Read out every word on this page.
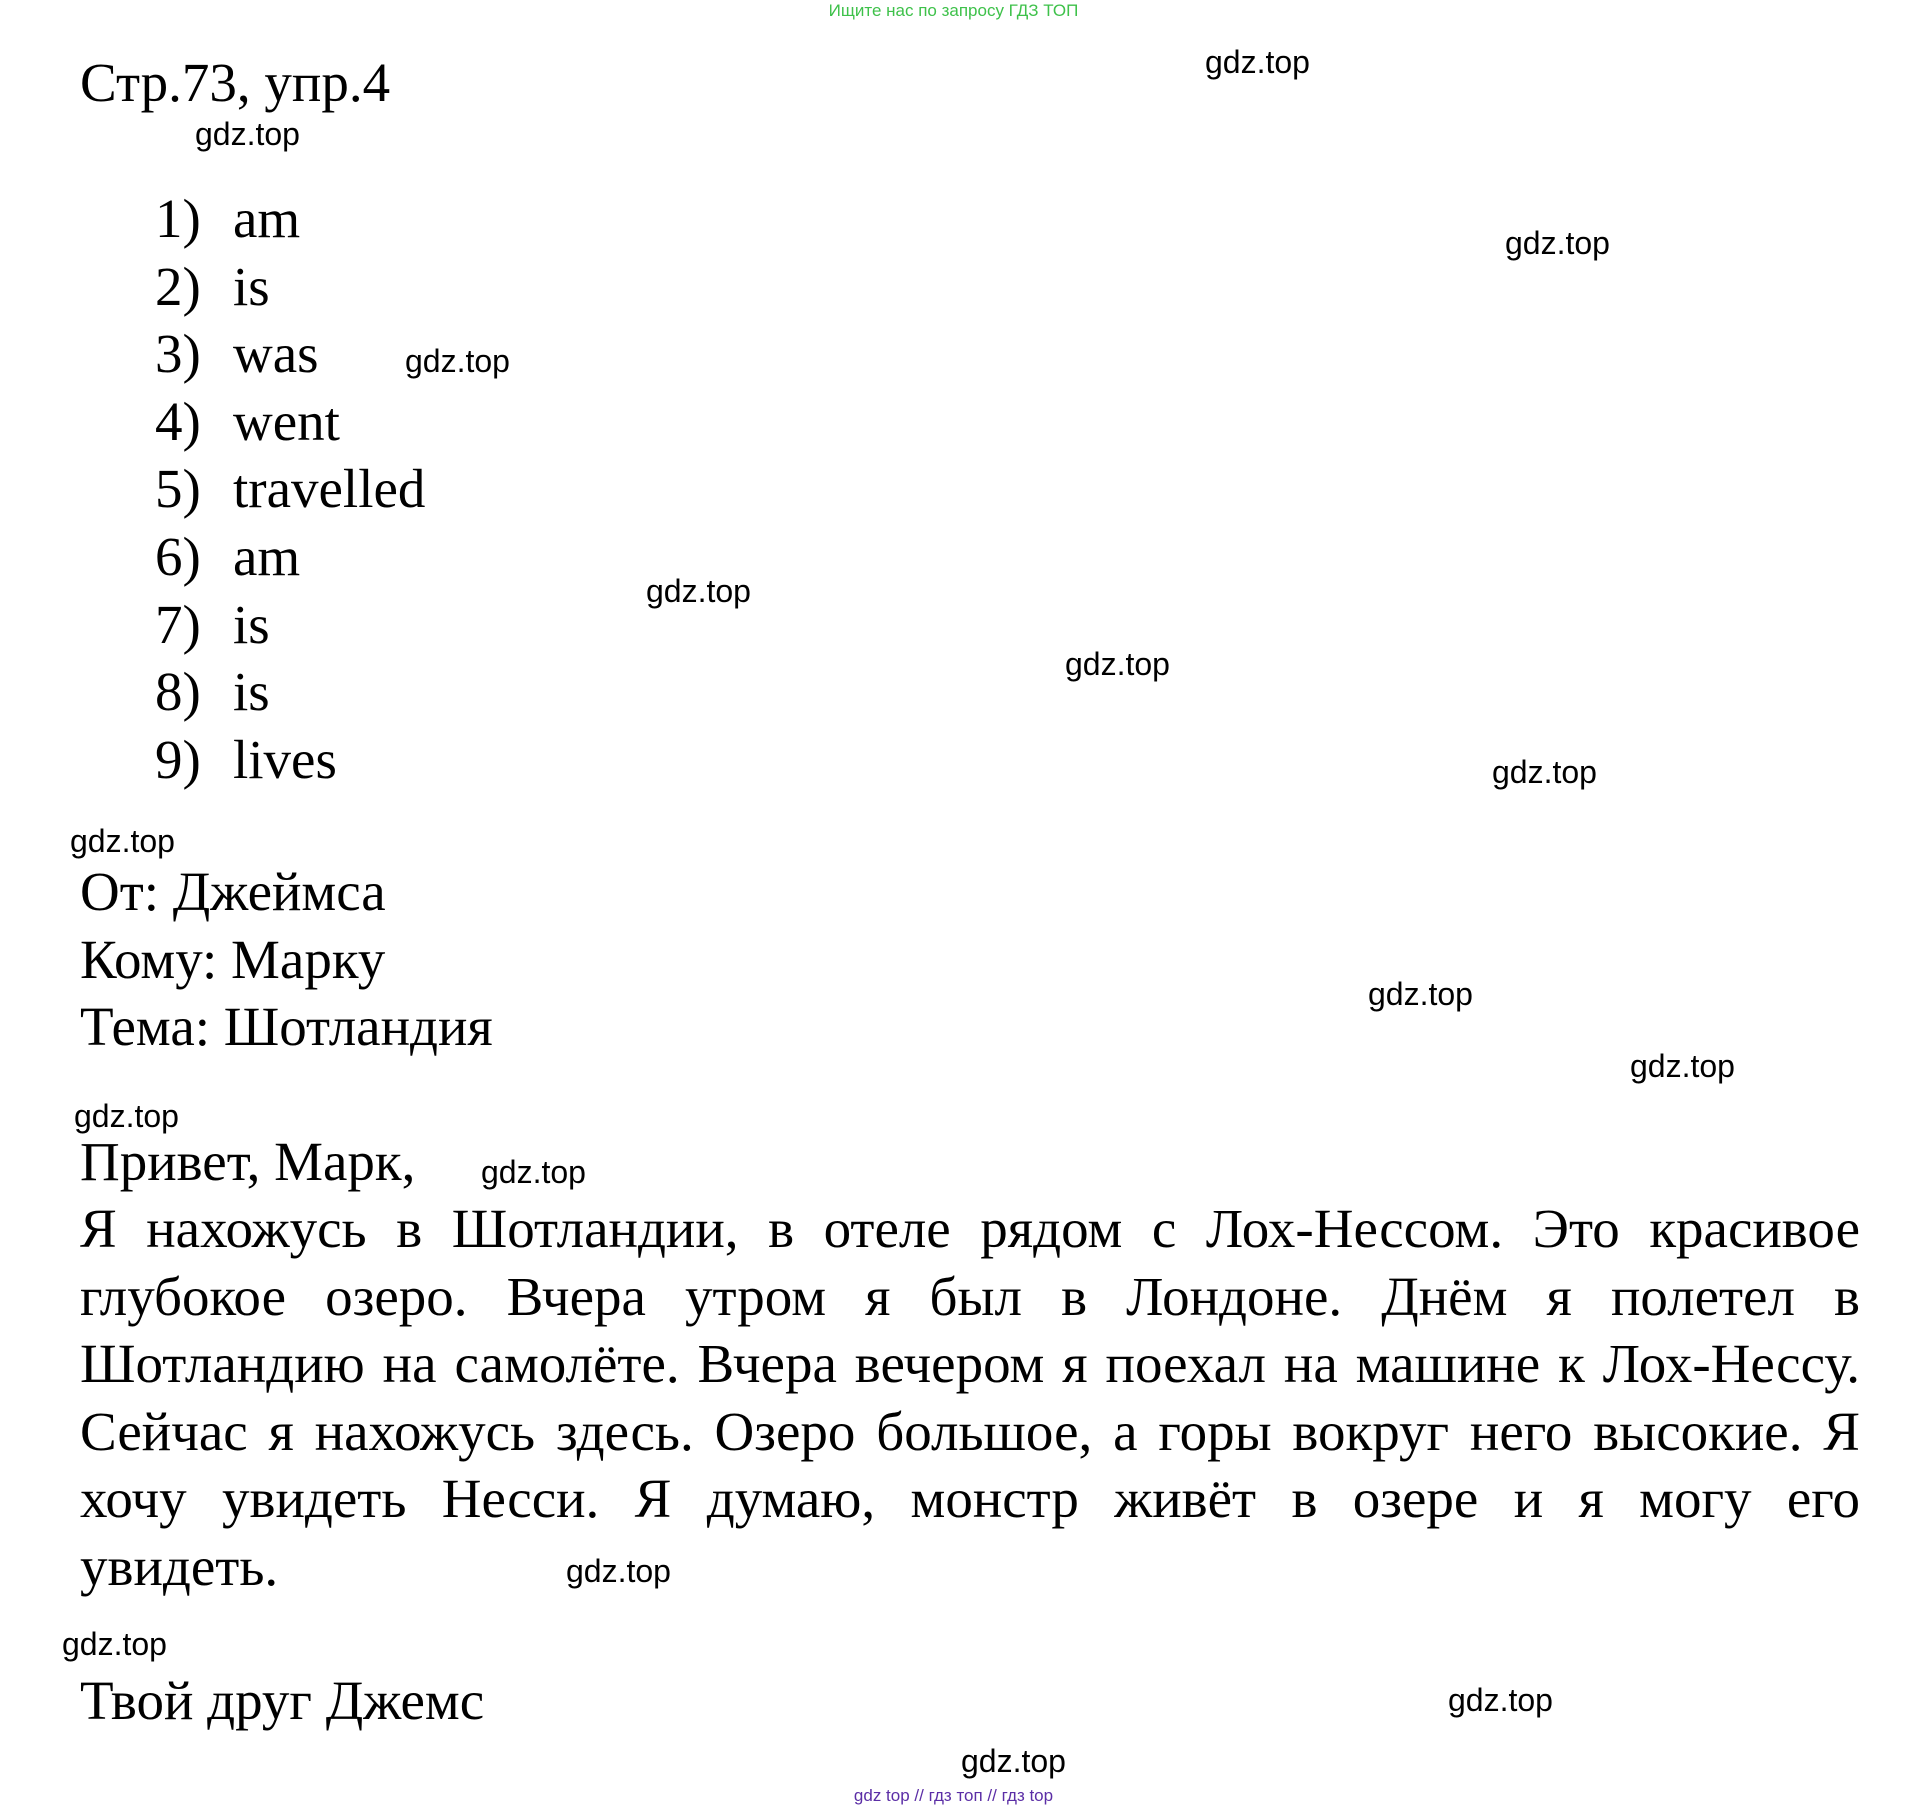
Ищите нас по запросу ГДЗ ТОП
Стр.73, упр.4
1) am
2) is
3) was
4) went
5) travelled
6) am
7) is
8) is
9) lives
От: Джеймса
Кому: Марку
Тема: Шотландия
Привет, Марк,

Я нахожусь в Шотландии, в отеле рядом с Лох-Нессом. Это красивое глубокое озеро. Вчера утром я был в Лондоне. Днём я полетел в Шотландию на самолёте. Вчера вечером я поехал на машине к Лох-Нессу. Сейчас я нахожусь здесь. Озеро большое, а горы вокруг него высокие. Я хочу увидеть Несси. Я думаю, монстр живёт в озере и я могу его увидеть.

Твой друг Джемс
gdz.top
gdz.top
gdz.top
gdz.top
gdz.top
gdz.top
gdz.top
gdz.top
gdz.top
gdz.top
gdz.top
gdz.top
gdz.top
gdz.top
gdz.top
gdz.top
gdz top // гдз топ // гдз top
